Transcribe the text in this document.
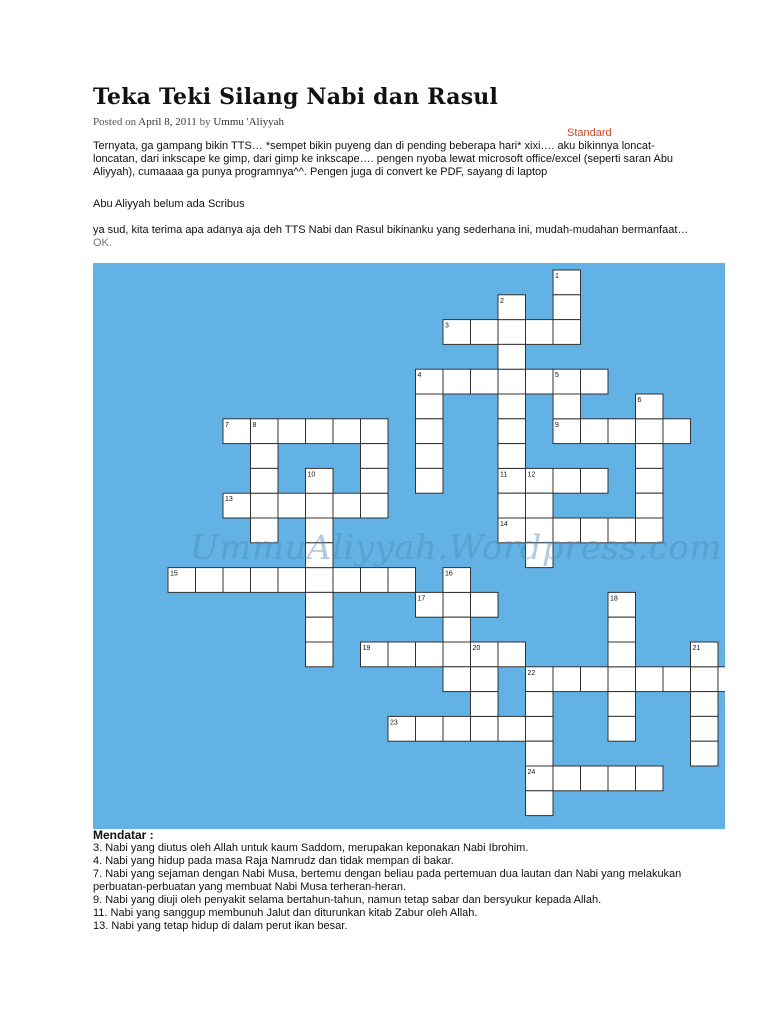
Teka Teki Silang Nabi dan Rasul
Posted on April 8, 2011 by Ummu 'Aliyyah
Standard

Ternyata, ga gampang bikin TTS… *sempet bikin puyeng dan di pending beberapa hari* xixi…. aku bikinnya loncat-loncatan, dari inkscape ke gimp, dari gimp ke inkscape…. pengen nyoba lewat microsoft office/excel (seperti saran Abu Aliyyah), cumaaaa ga punya programnya^^. Pengen juga di convert ke PDF, sayang di laptop

Abu Aliyyah belum ada Scribus

ya sud, kita terima apa adanya aja deh TTS Nabi dan Rasul bikinanku yang sederhana ini, mudah-mudahan bermanfaat… OK.

1
2
3
4	5
6
7	8	9
10	11	12
13
14
15	16
17	18
19	20	21
22
23
24
UmmuAliyyah.Wordpress.com
Mendatar :
3. Nabi yang diutus oleh Allah untuk kaum Saddom, merupakan keponakan Nabi Ibrohim.
4. Nabi yang hidup pada masa Raja Namrudz dan tidak mempan di bakar.
7. Nabi yang sejaman dengan Nabi Musa, bertemu dengan beliau pada pertemuan dua lautan dan Nabi yang melakukan perbuatan-perbuatan yang membuat Nabi Musa terheran-heran.
9. Nabi yang diuji oleh penyakit selama bertahun-tahun, namun tetap sabar dan bersyukur kepada Allah.
11. Nabi yang sanggup membunuh Jalut dan diturunkan kitab Zabur oleh Allah.
13. Nabi yang tetap hidup di dalam perut ikan besar.
